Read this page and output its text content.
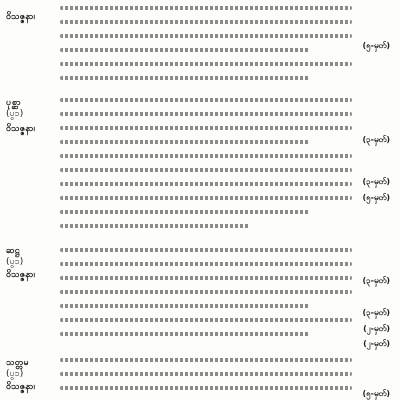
ဝိသဇ္ဇနာ၊
ပုစ္ဆာ
(ပွ၁)
ဝိသဇ္ဇနာ၊
ဆဋ္ဌ
(ပွ၁)
ဝိသဇ္ဇနာ၊
သတ္တမ
(ပွ၁)
ဝိသဇ္ဇနာ၊
(၅-မှတ်)
(၃-မှတ်)
(၃-မှတ်)
(၅-မှတ်)
(၃-မှတ်)
(၃-မှတ်)
(၂-မှတ်)
(၂-မှတ်)
(၅-မှတ်)
